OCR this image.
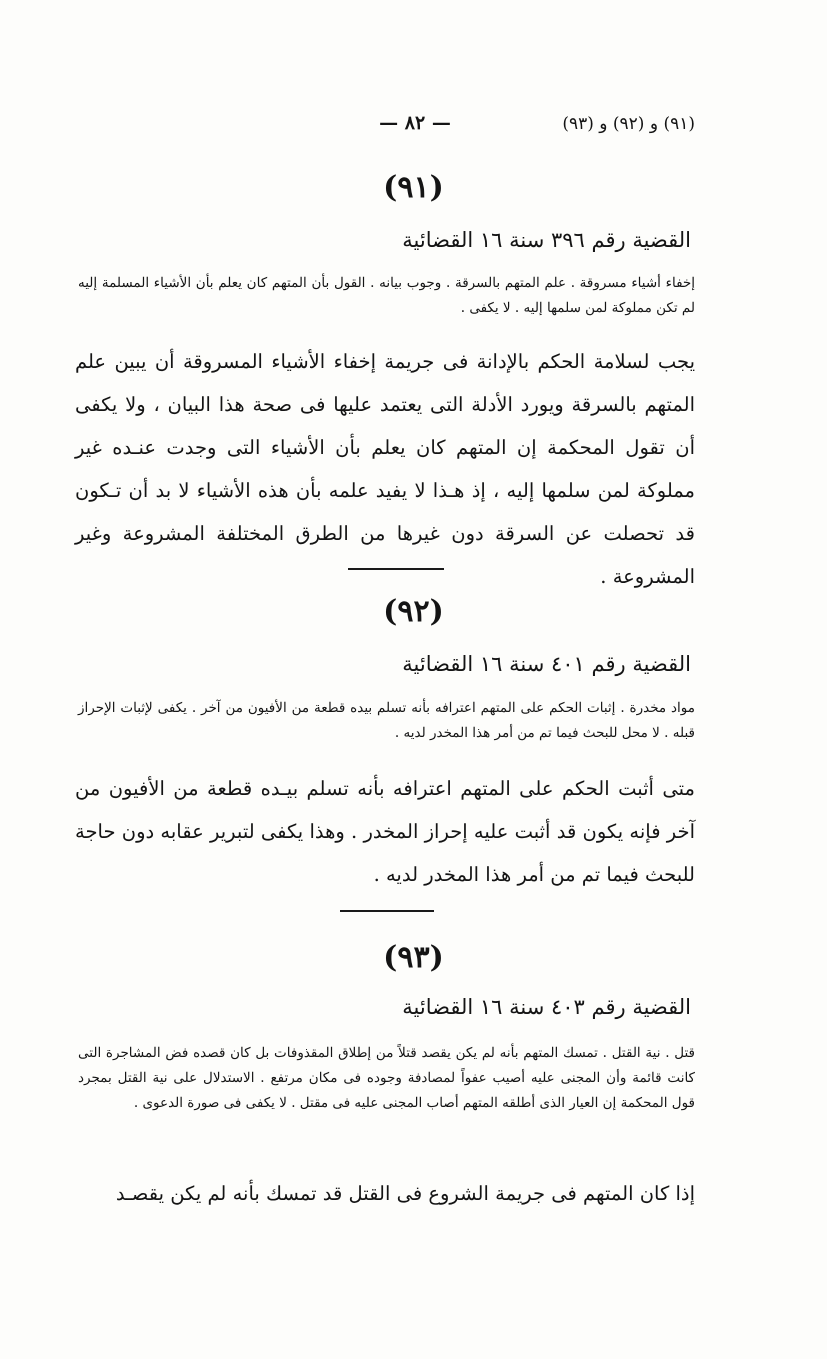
(٩١) و (٩٢) و (٩٣)
— ٨٢ —
(٩١)
القضية رقم ٣٩٦ سنة ١٦ القضائية
إخفاء أشياء مسروقة . علم المتهم بالسرقة . وجوب بيانه . القول بأن المتهم كان يعلم بأن الأشياء المسلمة إليه لم تكن مملوكة لمن سلمها إليه . لا يكفى .
يجب لسلامة الحكم بالإدانة فى جريمة إخفاء الأشياء المسروقة أن يبين علم المتهم بالسرقة ويورد الأدلة التى يعتمد عليها فى صحة هذا البيان ، ولا يكفى أن تقول المحكمة إن المتهم كان يعلم بأن الأشياء التى وجدت عنـده غير مملوكة لمن سلمها إليه ، إذ هـذا لا يفيد علمه بأن هذه الأشياء لا بد أن تـكون قد تحصلت عن السرقة دون غيرها من الطرق المختلفة المشروعة وغير المشروعة .
(٩٢)
القضية رقم ٤٠١ سنة ١٦ القضائية
مواد مخدرة . إثبات الحكم على المتهم اعترافه بأنه تسلم بيده قطعة من الأفيون من آخر . يكفى لإثبات الإحراز قبله . لا محل للبحث فيما تم من أمر هذا المخدر لديه .
متى أثبت الحكم على المتهم اعترافه بأنه تسلم بيـده قطعة من الأفيون من آخر فإنه يكون قد أثبت عليه إحراز المخدر . وهذا يكفى لتبرير عقابه دون حاجة للبحث فيما تم من أمر هذا المخدر لديه .
(٩٣)
القضية رقم ٤٠٣ سنة ١٦ القضائية
قتل . نية القتل . تمسك المتهم بأنه لم يكن يقصد قتلاً من إطلاق المقذوفات بل كان قصده فض المشاجرة التى كانت قائمة وأن المجنى عليه أصيب عفواً لمصادفة وجوده فى مكان مرتفع . الاستدلال على نية القتل بمجرد قول المحكمة إن العيار الذى أطلقه المتهم أصاب المجنى عليه فى مقتل . لا يكفى فى صورة الدعوى .
إذا كان المتهم فى جريمة الشروع فى القتل قد تمسك بأنه لم يكن يقصـد
